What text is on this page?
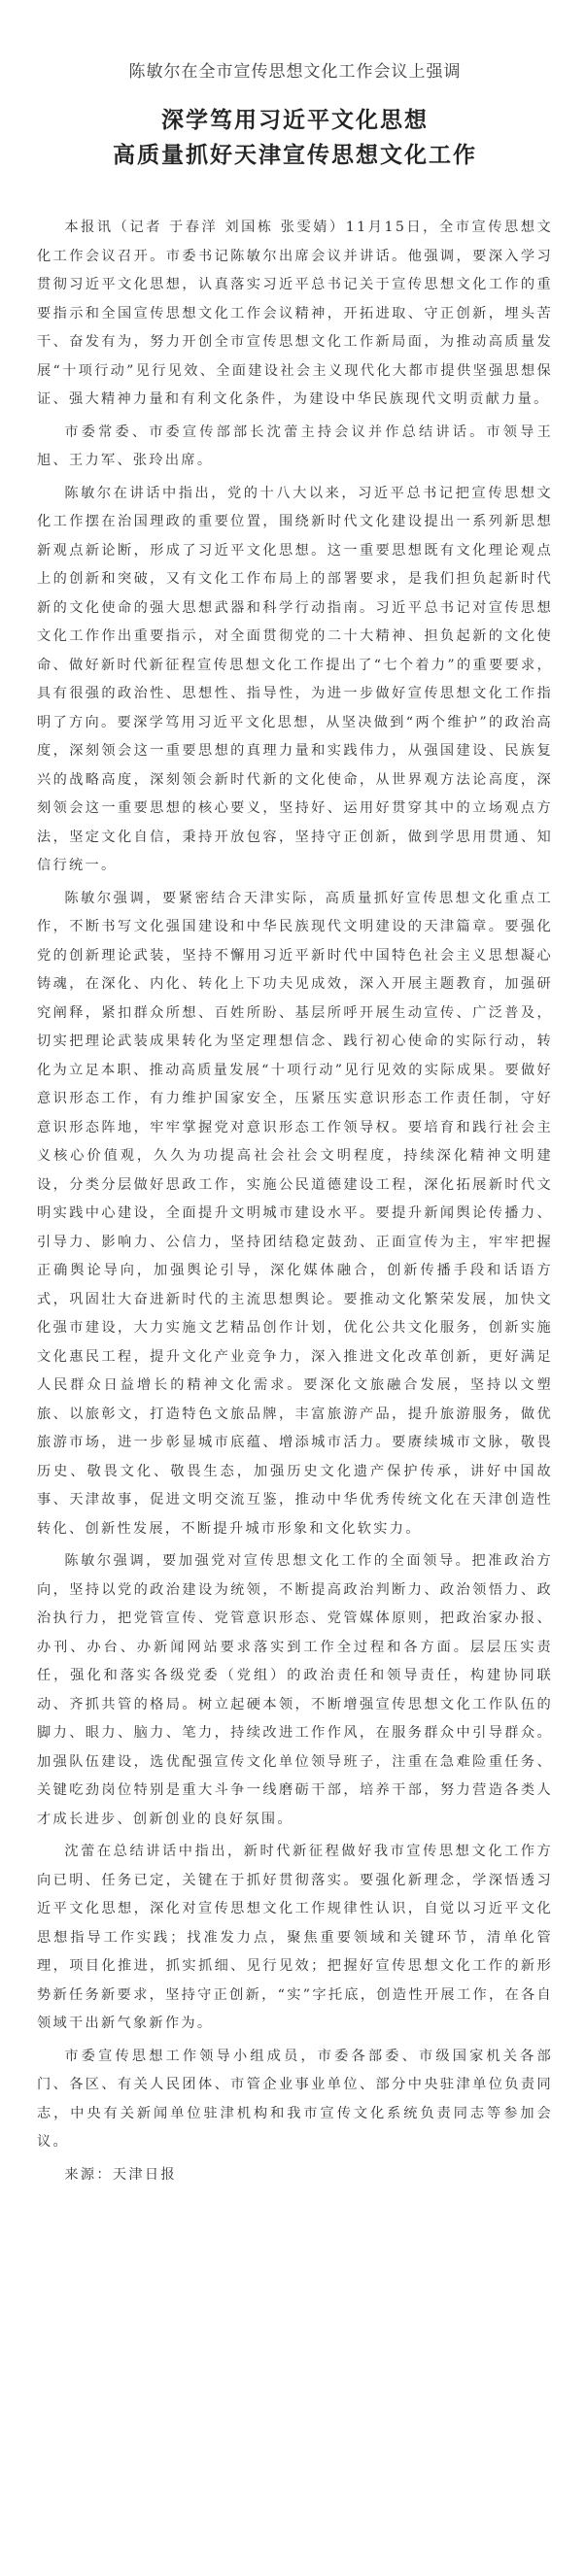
陈敏尔在全市宣传思想文化工作会议上强调
深学笃用习近平文化思想
高质量抓好天津宣传思想文化工作

本报讯（记者 于春洋 刘国栋 张雯婧）11月15日，全市宣传思想文化工作会议召开。市委书记陈敏尔出席会议并讲话。他强调，要深入学习贯彻习近平文化思想，认真落实习近平总书记关于宣传思想文化工作的重要指示和全国宣传思想文化工作会议精神，开拓进取、守正创新，埋头苦干、奋发有为，努力开创全市宣传思想文化工作新局面，为推动高质量发展“十项行动”见行见效、全面建设社会主义现代化大都市提供坚强思想保证、强大精神力量和有利文化条件，为建设中华民族现代文明贡献力量。

市委常委、市委宣传部部长沈蕾主持会议并作总结讲话。市领导王旭、王力军、张玲出席。

陈敏尔在讲话中指出，党的十八大以来，习近平总书记把宣传思想文化工作摆在治国理政的重要位置，围绕新时代文化建设提出一系列新思想新观点新论断，形成了习近平文化思想。这一重要思想既有文化理论观点上的创新和突破，又有文化工作布局上的部署要求，是我们担负起新时代新的文化使命的强大思想武器和科学行动指南。习近平总书记对宣传思想文化工作作出重要指示，对全面贯彻党的二十大精神、担负起新的文化使命、做好新时代新征程宣传思想文化工作提出了“七个着力”的重要要求，具有很强的政治性、思想性、指导性，为进一步做好宣传思想文化工作指明了方向。要深学笃用习近平文化思想，从坚决做到“两个维护”的政治高度，深刻领会这一重要思想的真理力量和实践伟力，从强国建设、民族复兴的战略高度，深刻领会新时代新的文化使命，从世界观方法论高度，深刻领会这一重要思想的核心要义，坚持好、运用好贯穿其中的立场观点方法，坚定文化自信，秉持开放包容，坚持守正创新，做到学思用贯通、知信行统一。

陈敏尔强调，要紧密结合天津实际，高质量抓好宣传思想文化重点工作，不断书写文化强国建设和中华民族现代文明建设的天津篇章。要强化党的创新理论武装，坚持不懈用习近平新时代中国特色社会主义思想凝心铸魂，在深化、内化、转化上下功夫见成效，深入开展主题教育，加强研究阐释，紧扣群众所想、百姓所盼、基层所呼开展生动宣传、广泛普及，切实把理论武装成果转化为坚定理想信念、践行初心使命的实际行动，转化为立足本职、推动高质量发展“十项行动”见行见效的实际成果。要做好意识形态工作，有力维护国家安全，压紧压实意识形态工作责任制，守好意识形态阵地，牢牢掌握党对意识形态工作领导权。要培育和践行社会主义核心价值观，久久为功提高社会社会文明程度，持续深化精神文明建设，分类分层做好思政工作，实施公民道德建设工程，深化拓展新时代文明实践中心建设，全面提升文明城市建设水平。要提升新闻舆论传播力、引导力、影响力、公信力，坚持团结稳定鼓劲、正面宣传为主，牢牢把握正确舆论导向，加强舆论引导，深化媒体融合，创新传播手段和话语方式，巩固壮大奋进新时代的主流思想舆论。要推动文化繁荣发展，加快文化强市建设，大力实施文艺精品创作计划，优化公共文化服务，创新实施文化惠民工程，提升文化产业竞争力，深入推进文化改革创新，更好满足人民群众日益增长的精神文化需求。要深化文旅融合发展，坚持以文塑旅、以旅彰文，打造特色文旅品牌，丰富旅游产品，提升旅游服务，做优旅游市场，进一步彰显城市底蕴、增添城市活力。要赓续城市文脉，敬畏历史、敬畏文化、敬畏生态，加强历史文化遗产保护传承，讲好中国故事、天津故事，促进文明交流互鉴，推动中华优秀传统文化在天津创造性转化、创新性发展，不断提升城市形象和文化软实力。

陈敏尔强调，要加强党对宣传思想文化工作的全面领导。把准政治方向，坚持以党的政治建设为统领，不断提高政治判断力、政治领悟力、政治执行力，把党管宣传、党管意识形态、党管媒体原则，把政治家办报、办刊、办台、办新闻网站要求落实到工作全过程和各方面。层层压实责任，强化和落实各级党委（党组）的政治责任和领导责任，构建协同联动、齐抓共管的格局。树立起硬本领，不断增强宣传思想文化工作队伍的脚力、眼力、脑力、笔力，持续改进工作作风，在服务群众中引导群众。加强队伍建设，选优配强宣传文化单位领导班子，注重在急难险重任务、关键吃劲岗位特别是重大斗争一线磨砺干部，培养干部，努力营造各类人才成长进步、创新创业的良好氛围。

沈蕾在总结讲话中指出，新时代新征程做好我市宣传思想文化工作方向已明、任务已定，关键在于抓好贯彻落实。要强化新理念，学深悟透习近平文化思想，深化对宣传思想文化工作规律性认识，自觉以习近平文化思想指导工作实践；找准发力点，聚焦重要领域和关键环节，清单化管理，项目化推进，抓实抓细、见行见效；把握好宣传思想文化工作的新形势新任务新要求，坚持守正创新，“实”字托底，创造性开展工作，在各自领域干出新气象新作为。

市委宣传思想工作领导小组成员，市委各部委、市级国家机关各部门、各区、有关人民团体、市管企业事业单位、部分中央驻津单位负责同志，中央有关新闻单位驻津机构和我市宣传文化系统负责同志等参加会议。

来源：天津日报
